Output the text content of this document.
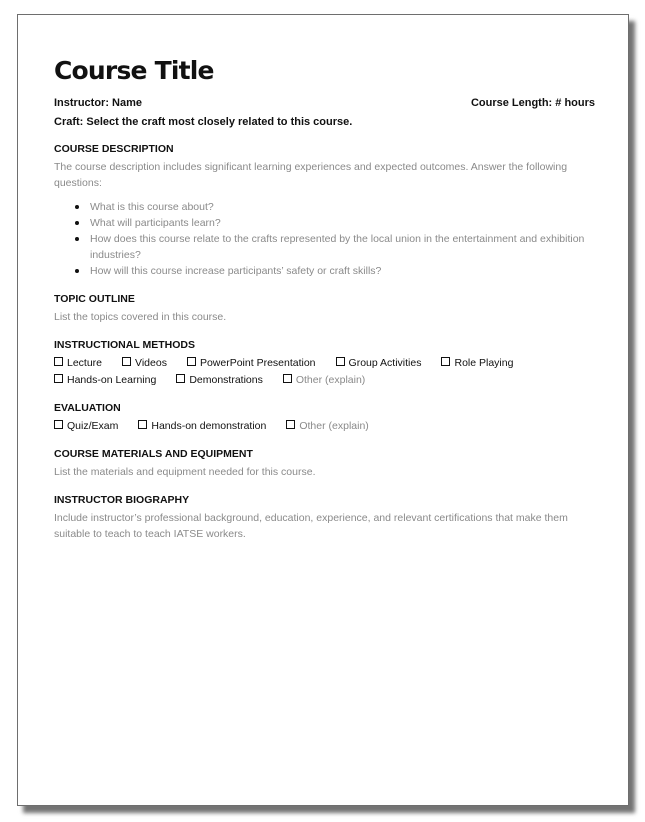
Course Title
Instructor: Name	Course Length: # hours
Craft: Select the craft most closely related to this course.
COURSE DESCRIPTION

The course description includes significant learning experiences and expected outcomes. Answer the following questions:

What is this course about?
What will participants learn?
How does this course relate to the crafts represented by the local union in the entertainment and exhibition industries?
How will this course increase participants’ safety or craft skills?
TOPIC OUTLINE

List the topics covered in this course.

INSTRUCTIONAL METHODS
Lecture	Videos	PowerPoint Presentation	Group Activities	Role Playing
Hands-on Learning	Demonstrations	Other (explain)
EVALUATION
Quiz/Exam	Hands-on demonstration	Other (explain)
COURSE MATERIALS AND EQUIPMENT

List the materials and equipment needed for this course.

INSTRUCTOR BIOGRAPHY

Include instructor’s professional background, education, experience, and relevant certifications that make them suitable to teach to teach IATSE workers.
